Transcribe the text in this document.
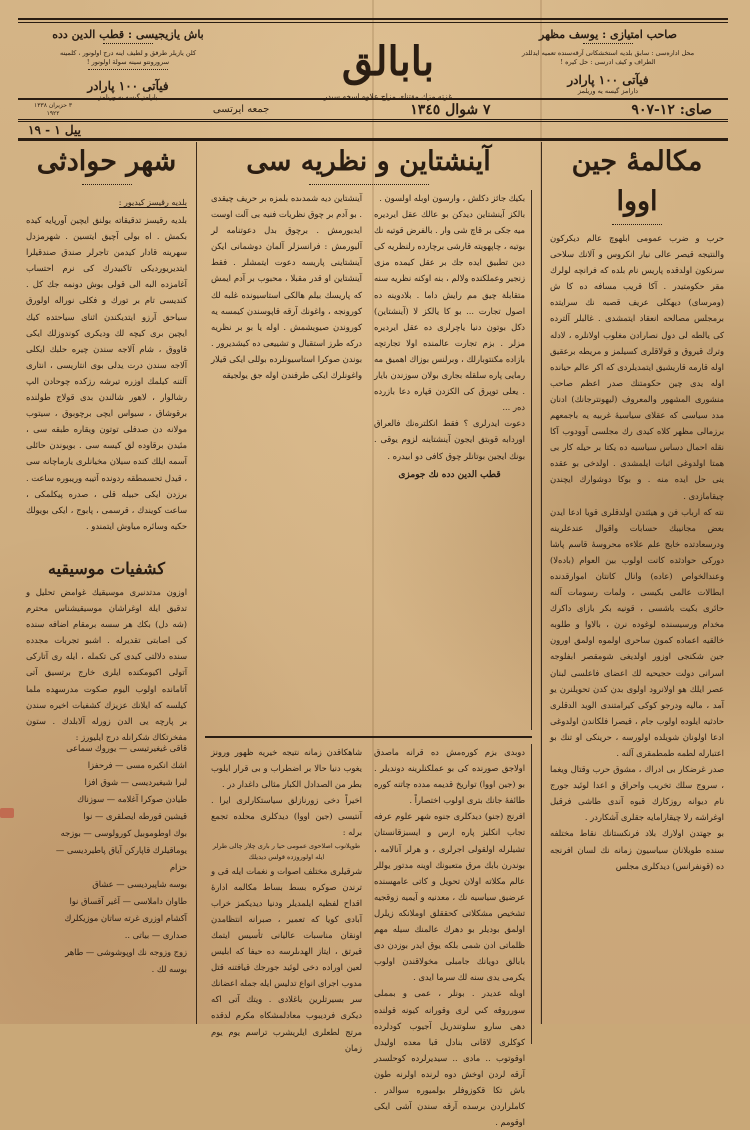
باش يازيجيسى : قطب الدين دده
كلن يازيلر طرفق و لطيف اينه درج اولونور ، كلمينه
سرورونتو سينه سولة اولونور !
فيآتى ١٠٠ پارادر
پارامز گيسه يه وريلمز
بابالق
غزته مزك مقتناى مزاج علاوه اسخه سيدر
صاحب امتيازى : يوسف مظهر
محل ادارەسى : سابق بلديه استخشكانى آرقەسنده تعميه ايدللدر
الطراف و كيف ادرسى : حل كيره !
فيآتى ١٠٠ پارادر
دارامز گيسه يه وريلمز
صاى: ١٢-٩٠٧
٧ شوال ١٣٤٥
جمعه ايرتسى
٣ حزيران ١٣٣٨
١٩٢٢
ييل ١ - ١٩
مكالمهٔ جين اووا

حرب و ضرب عمومى ابلهوچ عالم ديكركون والنتيجه قيصر عالى نيار انكروس و آلانك سلاحى سرنكون اولدقده پاريس نام بلده كه فرانچه لولرك مقر حكومتيدر . آكا قريب مسافه ده كا ش (ومرساى) ديهكلى عريف قصبه نك سرايتده برمجلس مصالحه انعقاد ايتمشدى . غالبلر آلترده كى يالطه لى دول نصارادن مغلوب اولانلره ، لادله وترك قيروق و قولاقلرى كسيلمز و مريطه برعقيق اوله قارمه قاريشيق ايتمديلردى كه اكر عالم حيانده اوله يدى چين حكومتنك صدر اعظم صاحب منشورى المشهور والمعروف (ليهونترجانك) ادنان مدد سياسى كه عقلاى سياسيهٔ غربيه يه باجمعهم برزمالى مظهر كلاه كيدى رك مجلسى آوودوب آكا نقله احمال دساس سياسيه ده يكتا بر حيله كار بى همتا اولدوغى اثبات ايلمشدى . اولدخى بو عقده ينى حل ايده منه . و بوكا دوشوارك ايچندن چيقامازدى .

نته كه ارباب فن و هيئتدن اولدقلرى قويا ادعا ايدن بعض مجانيبك حسابات واقوال عندعلرينه ودرسعادتده خابج علم علاءه محروسهٔ قاسم پاشا دوركى حوادثده كانت اولوب بين العوام (بادەلا) وعندالخواص (عاده) وانال كانتان اموارقدنده ابطالات عالمى بكيسى ، ولمات رسومات آلنه حائرى بكيت باشسى ، قونيه بكر بازاى داكرك مخدام ورسيسنده لوغوده نرن ، بالاوا و طلوبه خالقيه اعماده كمون ساحرى اولموه اولمق اورون جين شكنجى اوزور اولديغى شومقصر ابفلوجه اسرانى دولت حجيحيه لك اعضاى فاعلسى لبنان عصر ايلك هو اولانرود اولوى بدن كدن تحويلنرن يو آمد ، ماليه ودرجو كوكى كيرامتندى الويد الدقلرى حادثيه ايلوده اولوب جام ، قيصرا فلكاندن اولدوغى ادعا اولونان شويلده اولورسه ، حرينكى او تنك بو اعتبارله لطمه طمطمقرى آلنه .

صدر غرضكار بى ادراك ، مشوق حرب وقتال ويغما ، سروج سلك تخريب واحراق و اعدا لوئيد جورج نام ديوانه روزكارك قبوه آندى طاشى فرقيل اوغراشه رلا چيقارامايه جقلرى آشكاردر .

بو جهتدن اولارك بلاد فرنكستانك نقاط مختلفه سنده طويلانان سياسيون زمانه نك لسان افرنجه ده (قونفرانس) ديدكلرى مجلس

آينشتاين و نظريه سى

آينشتاين ديه شمدىده بلمزه بر حريف چيقدى . بو آدم بر چوق نظريات فنيه بى آلت اوست ايديورمش . برچوق بدل دعوتنامه لر آليورمش : فرانسزلر آلمان دوشمانى ايكن آينشتاينى پاريسه دعوت ايتمشلر . فقط آينشتاين او قدر مقبلا ، محبوب بر آدم ايمش كه پاريسك بيلم هالكى استاسيونده غلبه لك كورونجه ، واغونك آرقه قاپوسندن كيمسه يه كوروندن صيويشمش . اوله يا بو بر نظريه دركه طرز استقبال و تشييعى ده كيشديرور . بوندن صوكرا استاسيونلرده بوللى ايكى قيلار واغونلرك ايكى طرفندن اوله جق يولجيقه

بكيك جاثز دكلش ، وارسون اوبله اولسون .

بالكز آينشتاين ديدكن بو عالك عقل ايرديره ميه جكى بر قاچ شى وار . بالفرض قوتيه نك بوتيه ، چاپهويته قارشى برچارده رلنظريه كى دبن تطبيق ايده جك بر عقل كيمده مزى زنجير وعملكنده ولالم ، بنه اوكنه نظريه سنه متقابلة چيق مم رايش داما . بلادوينه ده اصول تجارت ... بو كا يالكز لا (آينشتاين) دكل بوتون دنيا ياچرلرى ده عقل ايرديره مزلر . بزم تجارت عالمنده اولا تجارتچه بازاده مكنتوبارلك ، وبرلنس بوزاك اهميق مه رمايى پارە سلقله بجارى بولان سوزندن بايار . يعلى توپرق كى الكزدن قپاره دعا بازرده دەر ...

دعوت ايدرلرى ؟ فقط انكلترەنك فالعراق اوردابه قوبتق ايجون آينشتاينه لزوم يوقى . بونك ايجين بوتانلر چوق كافى دو ابيدرە .

قطب الدين دده نك جومزى

شاهكاقدن زمانه نتيجه خيريه ظهور ورونز يغوب دنيا حالا بر اضطراب و بى قرار ايلوب بطر من الصدادل الكبار مثالى داغدار در .

اخيراً دخى زورنازلق سياستكارلرى ايرا . آنتيسى (جين اووا) ديدكلرى محلده تجمع برله :

طوپلانوب اصلاحوى عمومى حيا ر بارى چلار چالى طرلر ايله اولوروزده قولس ديديلك

شرقيلرى مختلف اصوات و نغمات ايله قى و ترندن صوكره بسط بساط مكالمه ادارهٔ اقداح لفظيه ايلمديلر ودنيا ديديكمز خراب آبادى كويا كه تعمير ، صبرانه انتظامدن اونقان مناسبات عاليانى تأسيس ايتمك قيرتق ، ايتاز الهدىلرسه ده حيفا كه ابليس لعين اوراده دخى لوئيد جورجك قيافتنه قتل مدوب اجراى انواع تدليس ايله جمله اعضانك سر بسيرتلرين باغلادى . ويتك آتى اكه ديكرى فرديبوب معادلمشكاه مكرم لدقده مرتج لطعلرى ايلريشرب تراسم يوم يوم زمان

دوبدى بزم كورەمش ده قرانه ماصدق اولاجق صورنده كى بو عملكنلرينه دونديلر . بو (جين اووا) تواريخ قديمه مدده چاتنه كوره طائفهٔ جانك بترى اولوب اختصاراً .

افرنج (جنو) ديدكلرى جنوه شهر علوم عرفه تجاب انكليز پاره ارس و ايسبزقانستان تشيلرله اولقولى اجرلرى ، و هرلر آنالامه ، بوندرن بابك مرق متعبونك اوينه مدتور يوللر عالم مكلاته اولان تحويل و كاتى عامهسنده عرضيق سياسيه نك ، معدنيه و آيميه زوقجيه تشخيص مشكلاتى كحققلق اوملانكه زيلرل اولمق بوديلر بو دهرك عالمنك سيله مهم ظلماتى ادن شمى بلكه يوق ايدر بوزدن دى بابالق دويانك جامبلى مخولاقندن اولوب يكرمى يدى سنه لك سرما ايدى .

اوبله عديدر . بونلر ، عمى و بمملى سورروقه كىي لرى وقورانه كيونه قولنده دهى سارو سلوتندريل آجيوب كودلرده كوكلرى لاقانى بنادل قبا معده اوليدل اوقوتوب .. مادى .. سيديرلرده كوحلسدر آرقه لردن اوخش دوه لرنده اولرنه طون باش تكا قكوزوفلر بولميوره سوالدر . كاملراردن برسده آرقه سندن آشى ايكى اوقومم .

شهر حوادثى
بلديه رقيسز كيديور :

بلديه رقيسز تدقيقاته بولنق ايچين آورپايه كيده بكمش . اه بولى آچيق ايتسين . شهرمزدل سهرينه قادار كيدمن تاجرلر صندق صندقيلرا ايتديريورديكى تاكبيدرك كى نرم احتساب آغامزده البه الى قولى بوش دونمه جك كل . كنديسى تام بر تورك و فكلى نوراله اولورق سياحق آرزو ايتديكندن اثناى سياحتده كيك ايچين برى كيچه لك وديكرى كوندوزلك ايكى قاووق ، شام آلاجه سندن چيره حلبك ايكلى آلاجه سندن درت يدلى بوى انتاريسى ، انتارى آلتنه كيلمك اوزره تيرشه رزكده چوحادن الپ رشالوار ، لاهور شالندن بدى قولاج طولنده برقوشاق ، سيواس ايچى برچوبوق ، سيتوب مولانه دن صدفلى توتون ويقاره طبقه سى ، مئيدن برقاوده لق كيسه سى . بويوندن حائلى آسمه ايلك كنده سيلان مخيانلرى يارماچانه سى ، قيدل تحسمطقه ردونده آتيبه وريبوره ساعت . برزدن ايكى حبيله قلى ، صدره پيكلمكى ، ساعت كويندك ، قرسمى ، پابوج ، ايكى بويولك حكيه وسائره مياوش ايتمندو .

كشفيات موسيقيه

اوزون مدتدنبرى موسيقيك غوامض تحليل و تدقيق ايلة اوغراشان موسيقيشناس محترم (شه دل) بكك هر سسه برمقام اضافه سنده كى اصابتى تقديرله . اشبو تجربات مجدده سنده دلالتى كيدى كى تكمله ، ايله رى آتاركى آتولى اكيومكنده ايلرى خارج برتسيق آتى آتامانده اولوب اليوم صكوت مدرسهده ملما كيلسه كه ايلانك عزيزك كشفيات اخيره سندن بر پارچه يى الدن زورله آلابلدك . ستون مفخرتكاك شكرانله درج ايليورز :

قاقى غيغيرتيسى — يوروك سماعى
اشك انكيره مسى — فرحفزا
لبرا شيغيرديسى — شوق افزا
طيادن صوكرا آغلامه — سوزناك
قيشين قورطه ايصلقرى — نوا
بوك اوطوموبيل كورولوسى — بوزجه
يوماقيلرك قاپاركن آياق پاطيرديسى —
حزام
بوسه شاپيرديسى — عشاق
طاوان داملاسى — آغير آقساق نوا
آكشام اوزرى غرته ساتان موزيكلرك
صدارى — بياتى ..
زوج وزوجه نك اوپوشوشى — طاهر
بوسه لك .
